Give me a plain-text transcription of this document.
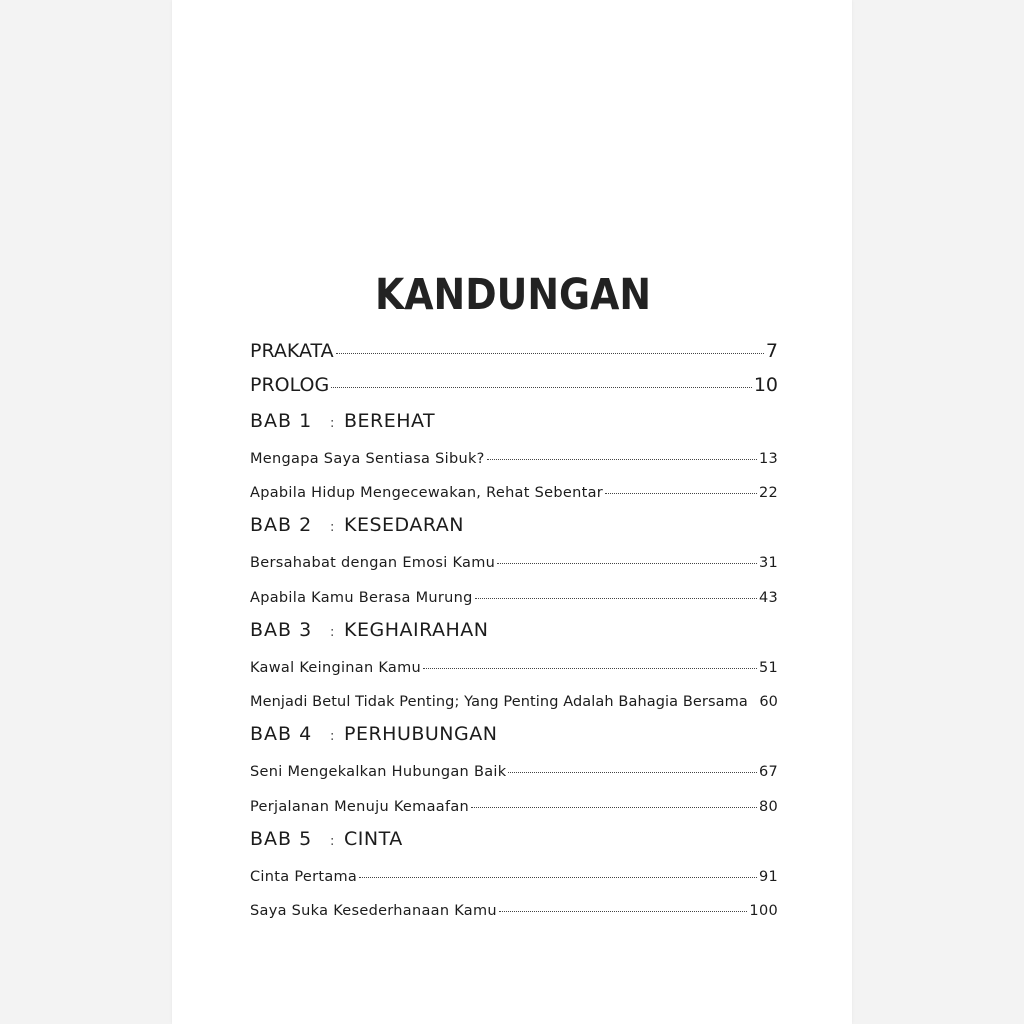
KANDUNGAN
PRAKATA	7
PROLOG	10
BAB 1	: BEREHAT
Mengapa Saya Sentiasa Sibuk?	13
Apabila Hidup Mengecewakan, Rehat Sebentar	22
BAB 2	: KESEDARAN
Bersahabat dengan Emosi Kamu	31
Apabila Kamu Berasa Murung	43
BAB 3	: KEGHAIRAHAN
Kawal Keinginan Kamu	51
Menjadi Betul Tidak Penting; Yang Penting Adalah Bahagia Bersama 60
BAB 4	: PERHUBUNGAN
Seni Mengekalkan Hubungan Baik	67
Perjalanan Menuju Kemaafan	80
BAB 5	: CINTA
Cinta Pertama	91
Saya Suka Kesederhanaan Kamu	100
